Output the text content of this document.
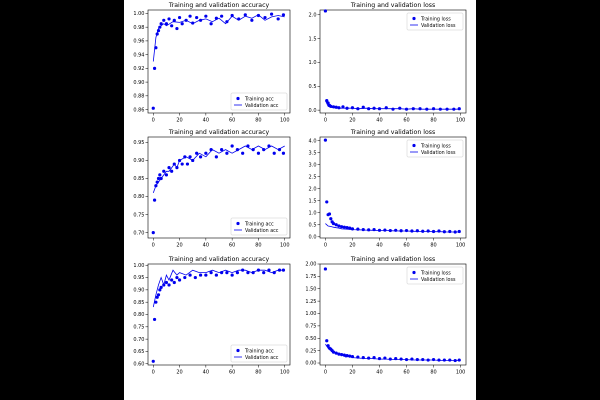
Training and validation accuracy
0	20	40	60	80	100
0.86
0.88
0.90
0.92
0.94
0.96
0.98
1.00
Training acc
Validation acc
Training and validation loss
0	20	40	60	80	100
0.0
0.5
1.0
1.5
2.0
Training loss
Validation loss
Training and validation accuracy
0	20	40	60	80	100
0.70
0.75
0.80
0.85
0.90
0.95
Training acc
Validation acc
Training and validation loss
0	20	40	60	80	100
0.0
0.5
1.0
1.5
2.0
2.5
3.0
3.5
4.0
Training loss
Validation loss
Training and validation accuracy
0	20	40	60	80	100
0.60
0.65
0.70
0.75
0.80
0.85
0.90
0.95
1.00
Training acc
Validation acc
Training and validation loss
0	20	40	60	80	100
0.00
0.25
0.50
0.75
1.00
1.25
1.50
1.75
2.00
Training loss
Validation loss
